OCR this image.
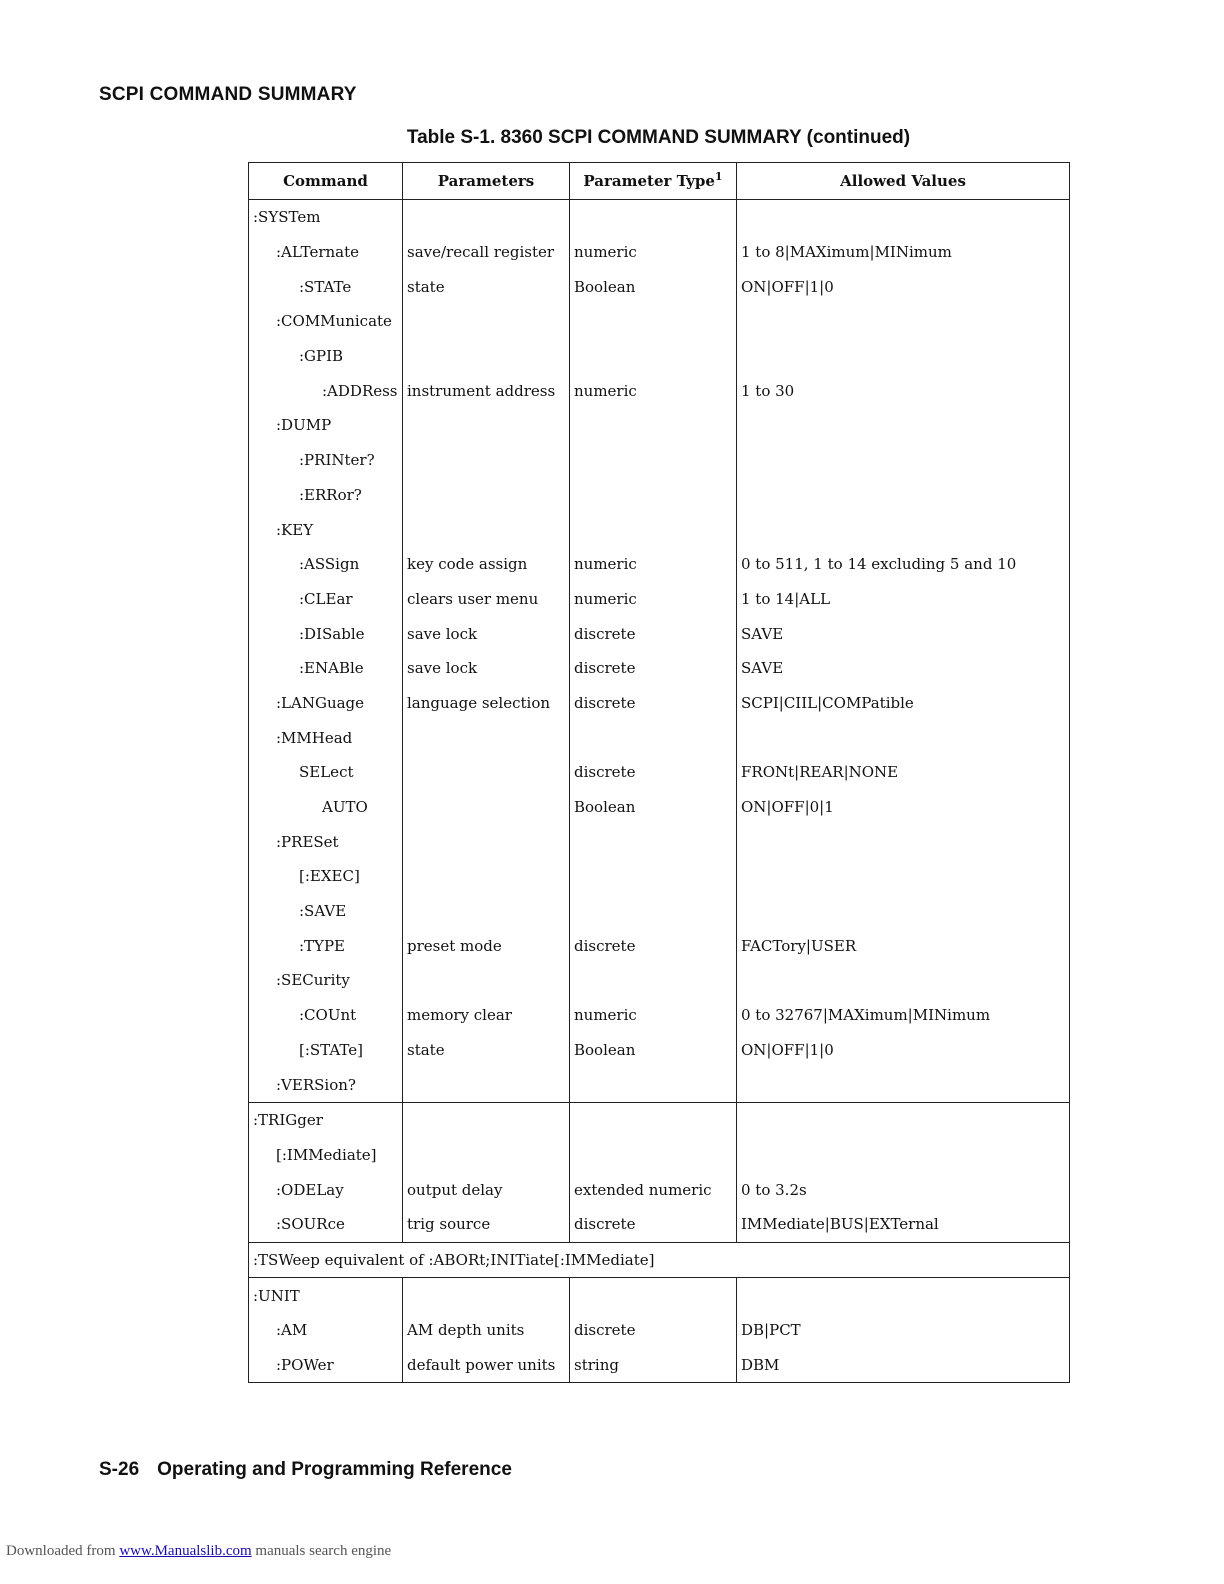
SCPI COMMAND SUMMARY
Table S-1. 8360 SCPI COMMAND SUMMARY (continued)
Command	Parameters	Parameter Type$^1$	Allowed Values
:SYSTem			
:ALTernate	save/recall register	numeric	1 to 8|MAXimum|MINimum
:STATe	state	Boolean	ON|OFF|1|0
:COMMunicate			
:GPIB			
:ADDRess	instrument address	numeric	1 to 30
:DUMP			
:PRINter?			
:ERRor?			
:KEY			
:ASSign	key code assign	numeric	0 to 511, 1 to 14 excluding 5 and 10
:CLEar	clears user menu	numeric	1 to 14|ALL
:DISable	save lock	discrete	SAVE
:ENABle	save lock	discrete	SAVE
:LANGuage	language selection	discrete	SCPI|CIIL|COMPatible
:MMHead			
SELect		discrete	FRONt|REAR|NONE
AUTO		Boolean	ON|OFF|0|1
:PRESet			
[:EXEC]			
:SAVE			
:TYPE	preset mode	discrete	FACTory|USER
:SECurity			
:COUnt	memory clear	numeric	0 to 32767|MAXimum|MINimum
[:STATe]	state	Boolean	ON|OFF|1|0
:VERSion?			
:TRIGger			
[:IMMediate]			
:ODELay	output delay	extended numeric	0 to 3.2s
:SOURce	trig source	discrete	IMMediate|BUS|EXTernal
:TSWeep equivalent of :ABORt;INITiate[:IMMediate]			
:UNIT			
:AM	AM depth units	discrete	DB|PCT
:POWer	default power units	string	DBM
S-26 Operating and Programming Reference
Downloaded from www.Manualslib.com manuals search engine
